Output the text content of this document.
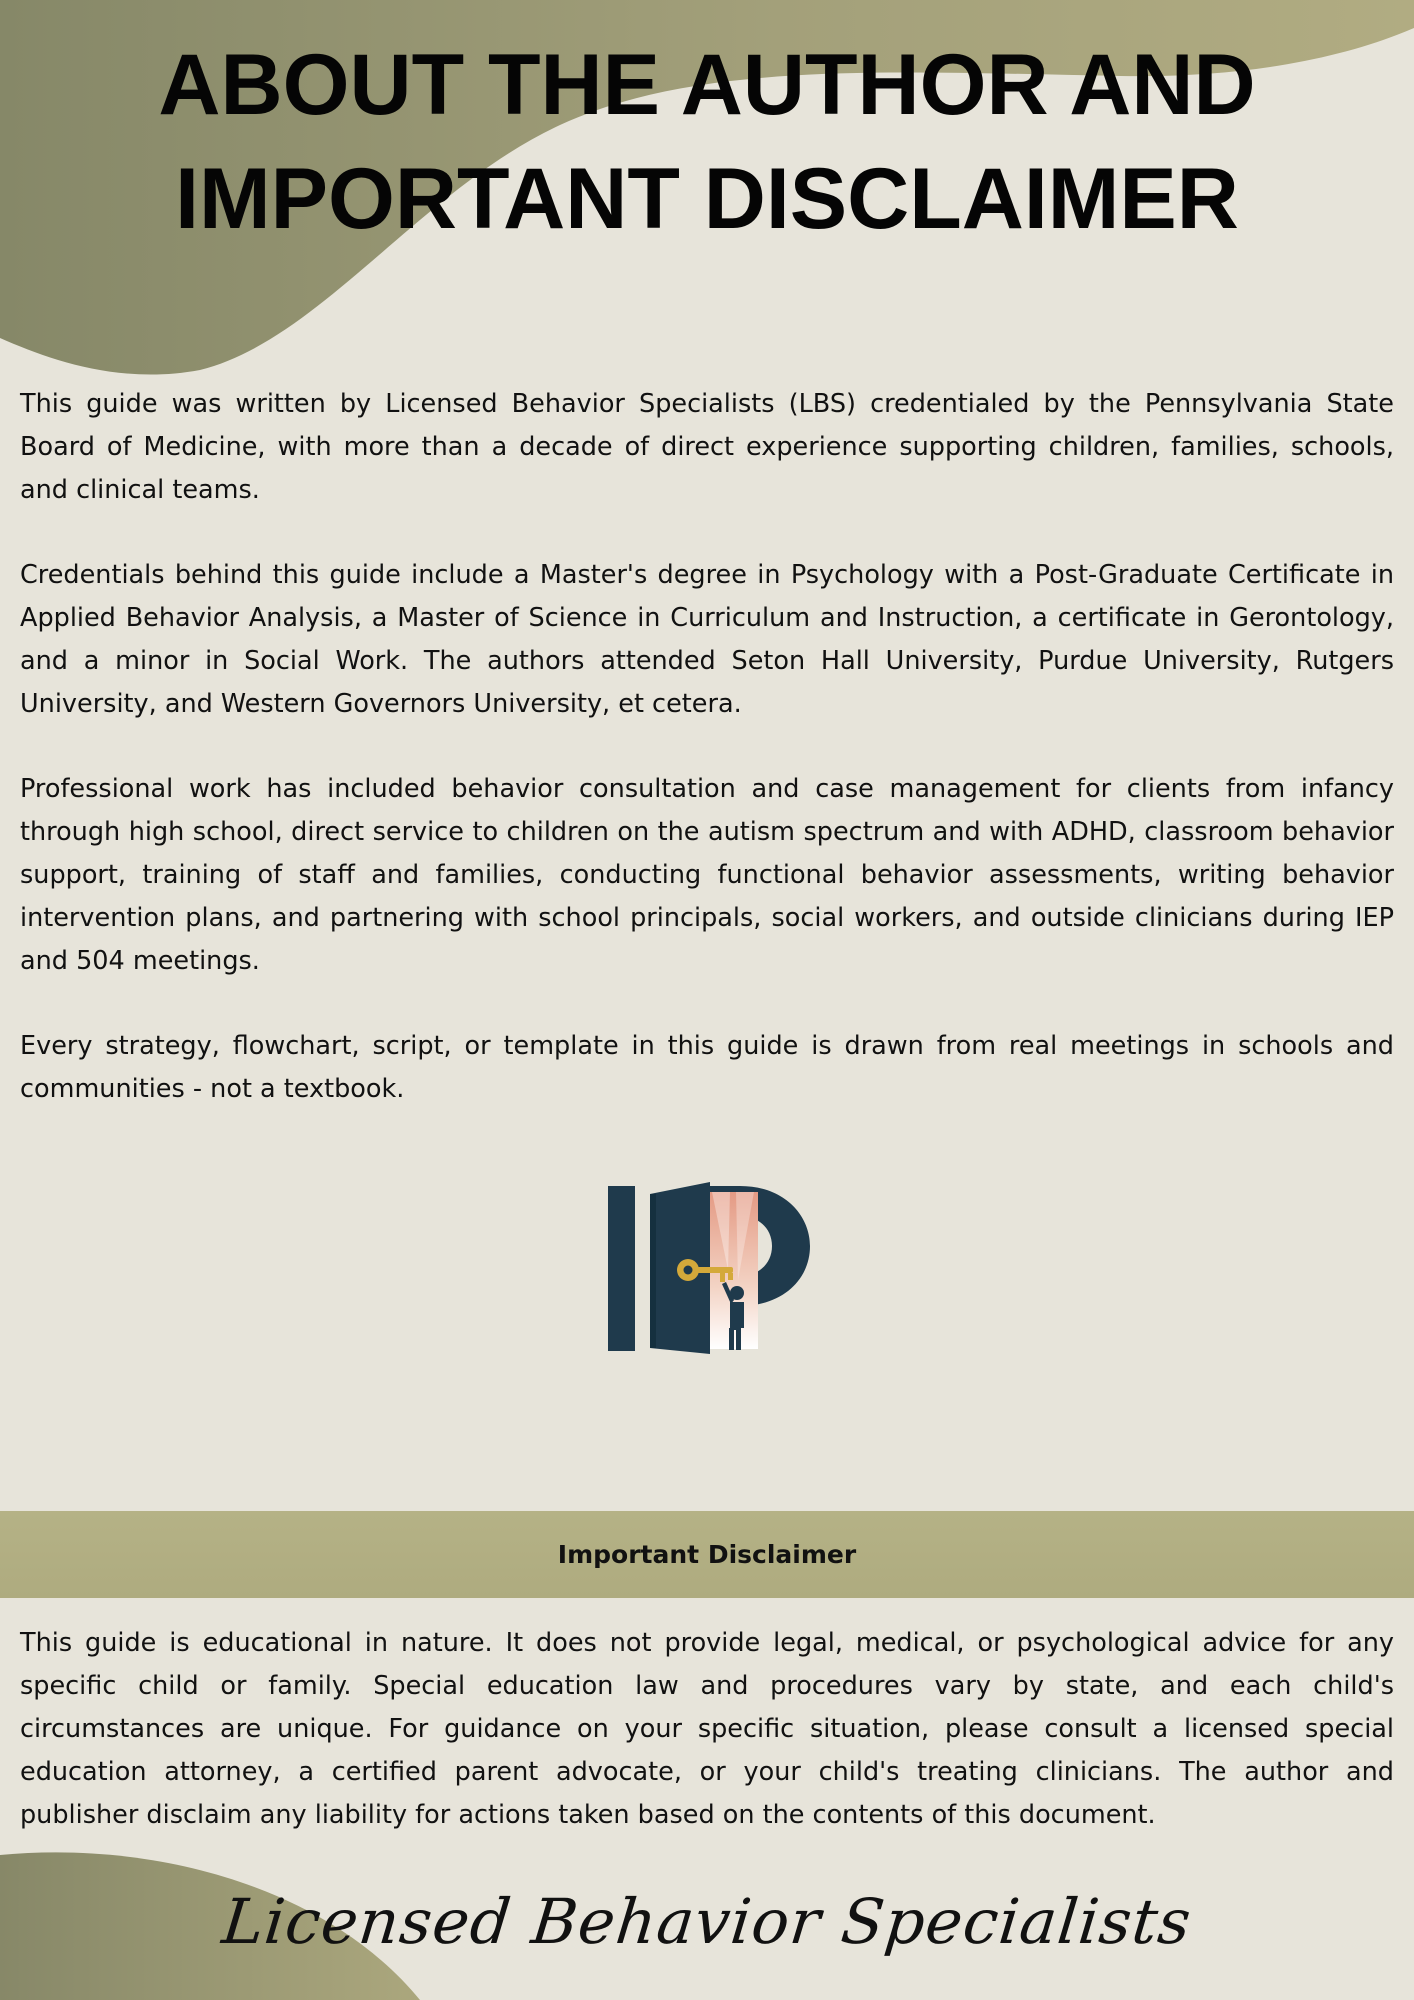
ABOUT THE AUTHOR AND
IMPORTANT DISCLAIMER

This guide was written by Licensed Behavior Specialists (LBS) credentialed by the Pennsylvania State Board of Medicine, with more than a decade of direct experience supporting children, families, schools, and clinical teams.

Credentials behind this guide include a Master's degree in Psychology with a Post-Graduate Certificate in Applied Behavior Analysis, a Master of Science in Curriculum and Instruction, a certificate in Gerontology, and a minor in Social Work. The authors attended Seton Hall University, Purdue University, Rutgers University, and Western Governors University, et cetera.

Professional work has included behavior consultation and case management for clients from infancy through high school, direct service to children on the autism spectrum and with ADHD, classroom behavior support, training of staff and families, conducting functional behavior assessments, writing behavior intervention plans, and partnering with school principals, social workers, and outside clinicians during IEP and 504 meetings.

Every strategy, flowchart, script, or template in this guide is drawn from real meetings in schools and communities - not a textbook.

Important Disclaimer

This guide is educational in nature. It does not provide legal, medical, or psychological advice for any specific child or family. Special education law and procedures vary by state, and each child's circumstances are unique. For guidance on your specific situation, please consult a licensed special education attorney, a certified parent advocate, or your child's treating clinicians. The author and publisher disclaim any liability for actions taken based on the contents of this document.

Licensed Behavior Specialists
